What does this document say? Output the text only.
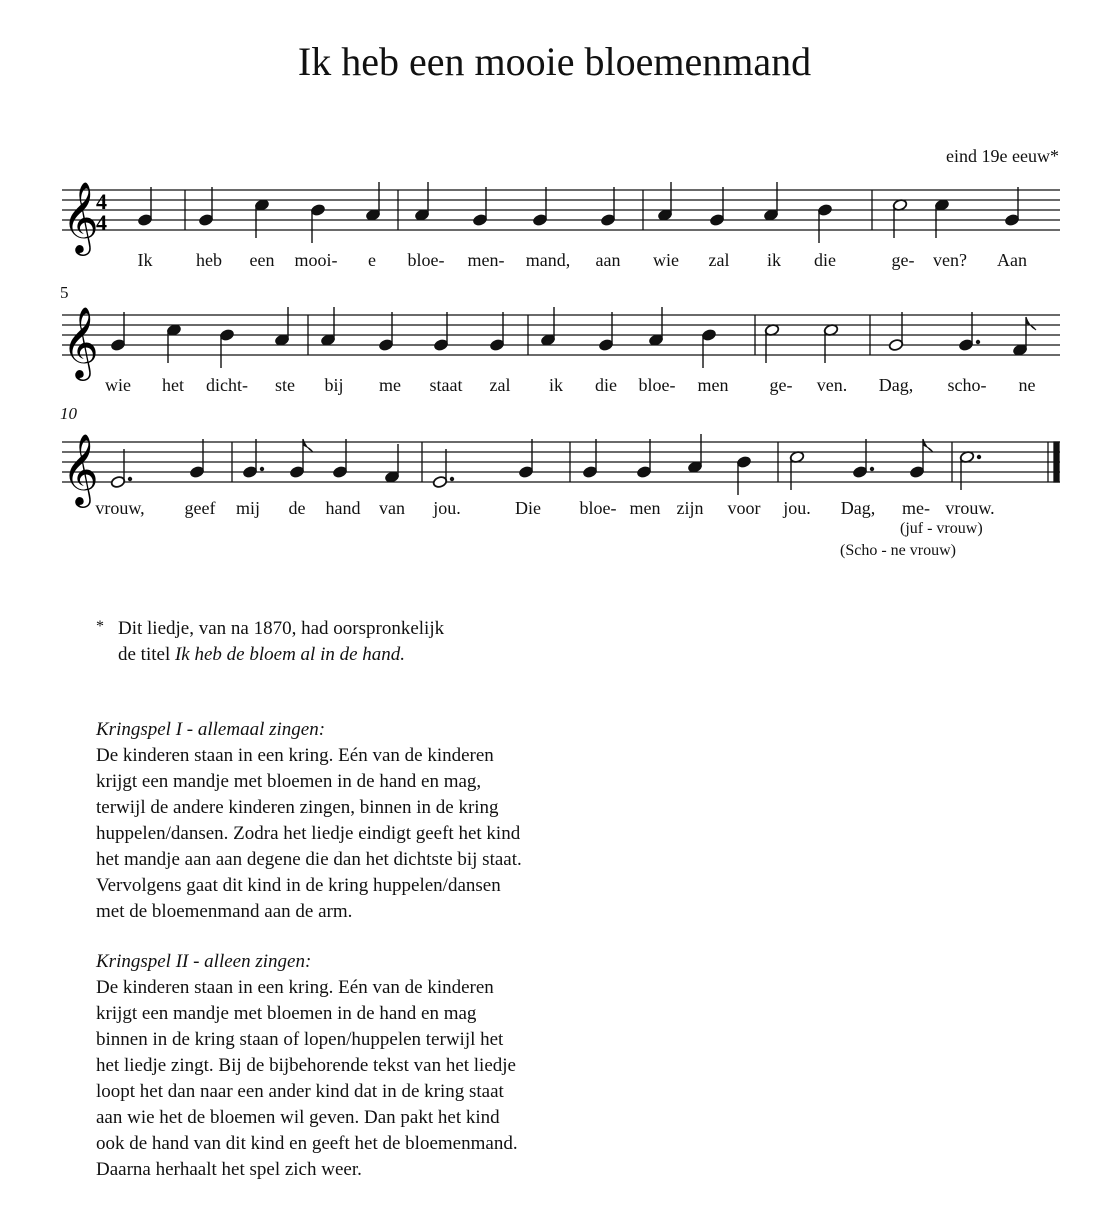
Ik heb een mooie bloemenmand
eind 19e eeuw*
5
10
𝄞
4
4
Ik heb een mooi- e bloe- men- mand, aan wie zal ik die	ge- ven? Aan
𝄞
wie het dicht- ste bij me staat zal ik die bloe- men ge- ven. Dag, scho- ne
𝄞
vrouw, geef mij de hand van jou.	Die bloe- men zijn voor jou. Dag, me- vrouw.
(juf - vrouw)
(Scho - ne vrouw)
* Dit liedje, van na 1870, had oorspronkelijk
de titel Ik heb de bloem al in de hand.
Kringspel I - allemaal zingen:

De kinderen staan in een kring. Eén van de kinderen

krijgt een mandje met bloemen in de hand en mag,

terwijl de andere kinderen zingen, binnen in de kring

huppelen/dansen. Zodra het liedje eindigt geeft het kind

het mandje aan aan degene die dan het dichtste bij staat.

Vervolgens gaat dit kind in de kring huppelen/dansen

met de bloemenmand aan de arm.

Kringspel II - alleen zingen:

De kinderen staan in een kring. Eén van de kinderen

krijgt een mandje met bloemen in de hand en mag

binnen in de kring staan of lopen/huppelen terwijl het

het liedje zingt. Bij de bijbehorende tekst van het liedje

loopt het dan naar een ander kind dat in de kring staat

aan wie het de bloemen wil geven. Dan pakt het kind

ook de hand van dit kind en geeft het de bloemenmand.

Daarna herhaalt het spel zich weer.
